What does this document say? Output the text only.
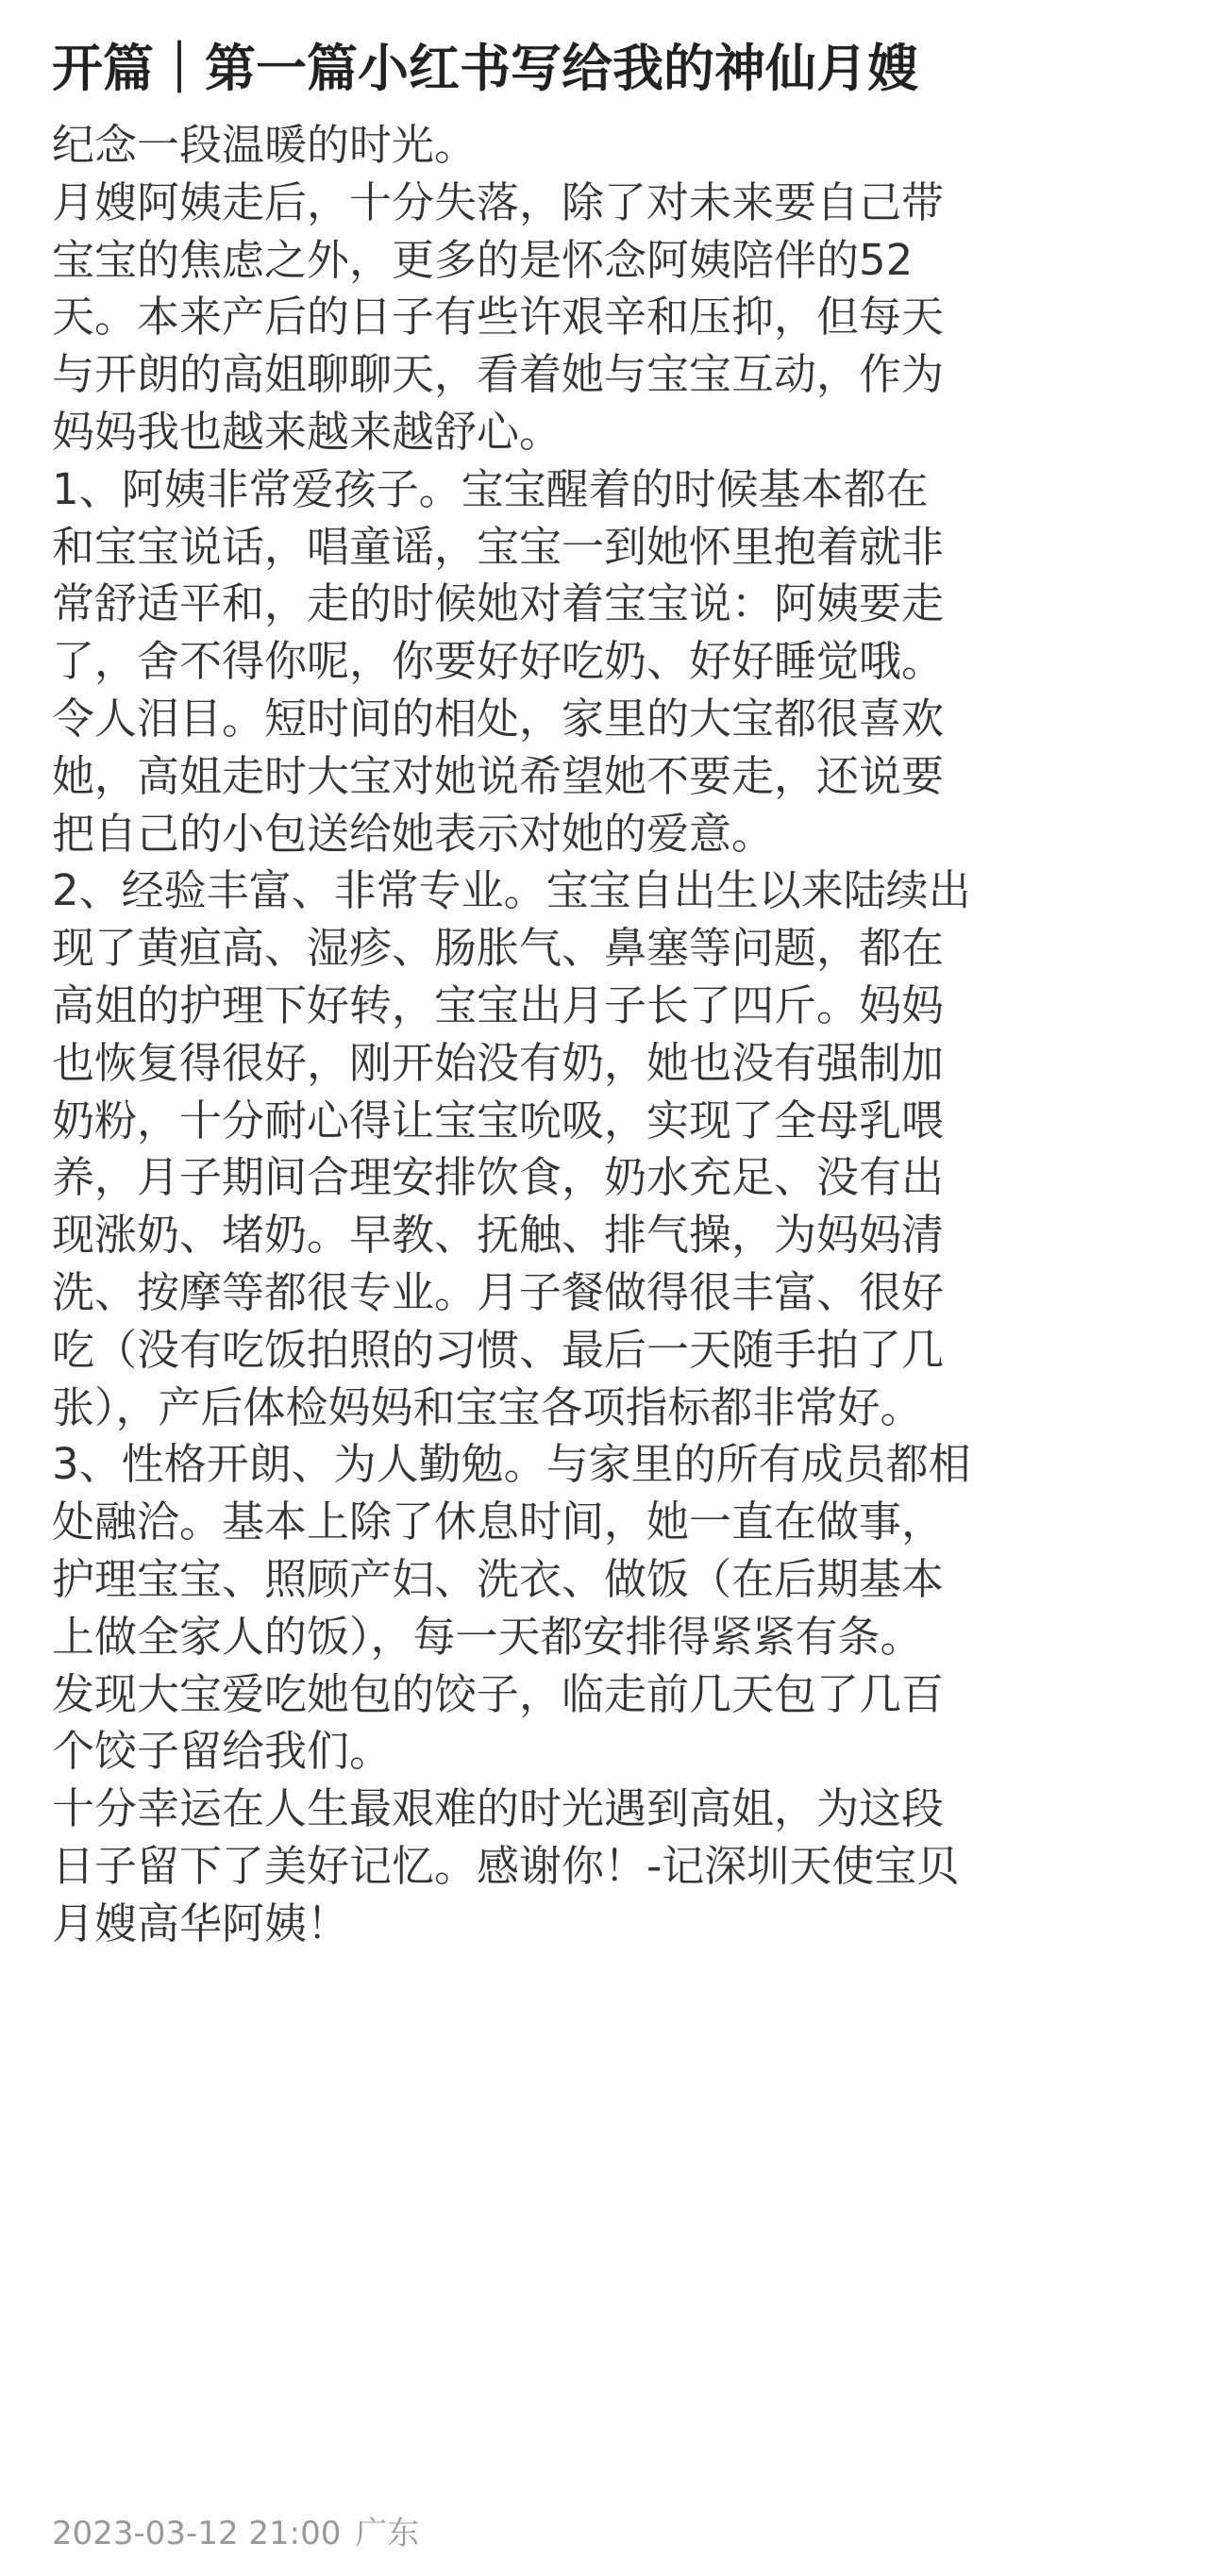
开篇｜第一篇小红书写给我的神仙月嫂
纪念一段温暖的时光。
月嫂阿姨走后，十分失落，除了对未来要自己带
宝宝的焦虑之外，更多的是怀念阿姨陪伴的52
天。本来产后的日子有些许艰辛和压抑，但每天
与开朗的高姐聊聊天，看着她与宝宝互动，作为
妈妈我也越来越来越舒心。
1、阿姨非常爱孩子。宝宝醒着的时候基本都在
和宝宝说话，唱童谣，宝宝一到她怀里抱着就非
常舒适平和，走的时候她对着宝宝说：阿姨要走
了，舍不得你呢，你要好好吃奶、好好睡觉哦。
令人泪目。短时间的相处，家里的大宝都很喜欢
她，高姐走时大宝对她说希望她不要走，还说要
把自己的小包送给她表示对她的爱意。
2、经验丰富、非常专业。宝宝自出生以来陆续出
现了黄疸高、湿疹、肠胀气、鼻塞等问题，都在
高姐的护理下好转，宝宝出月子长了四斤。妈妈
也恢复得很好，刚开始没有奶，她也没有强制加
奶粉，十分耐心得让宝宝吮吸，实现了全母乳喂
养，月子期间合理安排饮食，奶水充足、没有出
现涨奶、堵奶。早教、抚触、排气操，为妈妈清
洗、按摩等都很专业。月子餐做得很丰富、很好
吃（没有吃饭拍照的习惯、最后一天随手拍了几
张），产后体检妈妈和宝宝各项指标都非常好。
3、性格开朗、为人勤勉。与家里的所有成员都相
处融洽。基本上除了休息时间，她一直在做事，
护理宝宝、照顾产妇、洗衣、做饭（在后期基本
上做全家人的饭），每一天都安排得紧紧有条。
发现大宝爱吃她包的饺子，临走前几天包了几百
个饺子留给我们。
十分幸运在人生最艰难的时光遇到高姐，为这段
日子留下了美好记忆。感谢你！-记深圳天使宝贝
月嫂高华阿姨！
2023-03-12 21:00 广东
